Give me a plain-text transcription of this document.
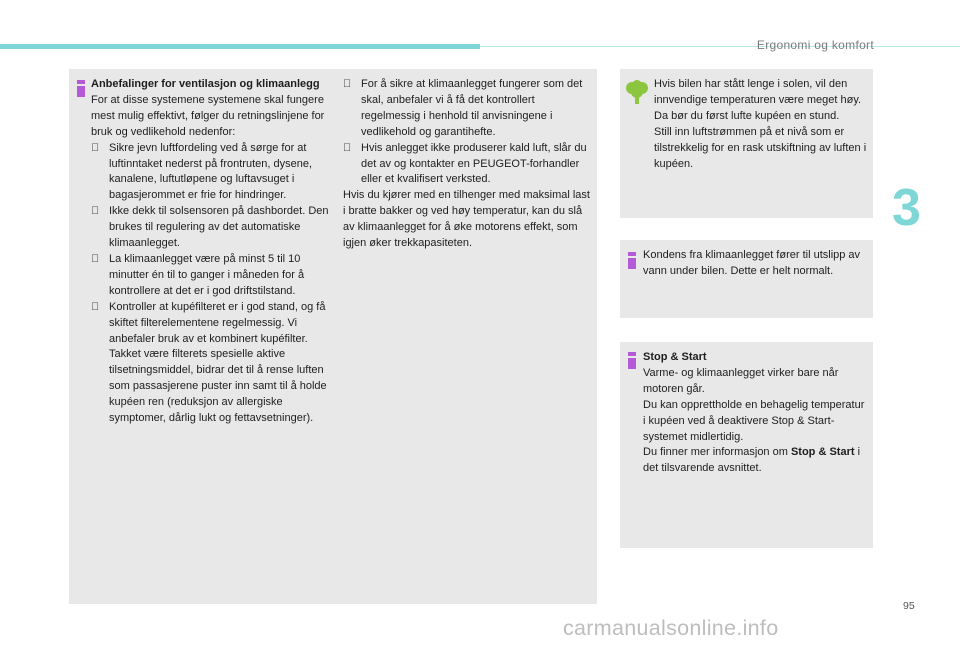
Ergonomi og komfort
3

Anbefalinger for ventilasjon og klimaanlegg

For at disse systemene systemene skal fungere mest mulig effektivt, følger du retningslinjene for bruk og vedlikehold nedenfor:

Sikre jevn luftfordeling ved å sørge for at luftinntaket nederst på frontruten, dysene, kanalene, luftutløpene og luftavsuget i bagasjerommet er frie for hindringer.

Ikke dekk til solsensoren på dashbordet. Den brukes til regulering av det automatiske klimaanlegget.

La klimaanlegget være på minst 5 til 10 minutter én til to ganger i måneden for å kontrollere at det er i god driftstilstand.

Kontroller at kupéfilteret er i god stand, og få skiftet filterelementene regelmessig. Vi anbefaler bruk av et kombinert kupéfilter. Takket være filterets spesielle aktive tilsetningsmiddel, bidrar det til å rense luften som passasjerene puster inn samt til å holde kupéen ren (reduksjon av allergiske symptomer, dårlig lukt og fettavsetninger).

For å sikre at klimaanlegget fungerer som det skal, anbefaler vi å få det kontrollert regelmessig i henhold til anvisningene i vedlikehold og garantihefte.

Hvis anlegget ikke produserer kald luft, slår du det av og kontakter en PEUGEOT-forhandler eller et kvalifisert verksted.

Hvis du kjører med en tilhenger med maksimal last i bratte bakker og ved høy temperatur, kan du slå av klimaanlegget for å øke motorens effekt, som igjen øker trekkapasiteten.

Hvis bilen har stått lenge i solen, vil den innvendige temperaturen være meget høy. Da bør du først lufte kupéen en stund.

Still inn luftstrømmen på et nivå som er tilstrekkelig for en rask utskiftning av luften i kupéen.

Kondens fra klimaanlegget fører til utslipp av vann under bilen. Dette er helt normalt.

Stop & Start

Varme- og klimaanlegget virker bare når motoren går.

Du kan opprettholde en behagelig temperatur i kupéen ved å deaktivere Stop & Start-systemet midlertidig.

Du finner mer informasjon om Stop & Start i det tilsvarende avsnittet.

95
carmanualsonline.info
